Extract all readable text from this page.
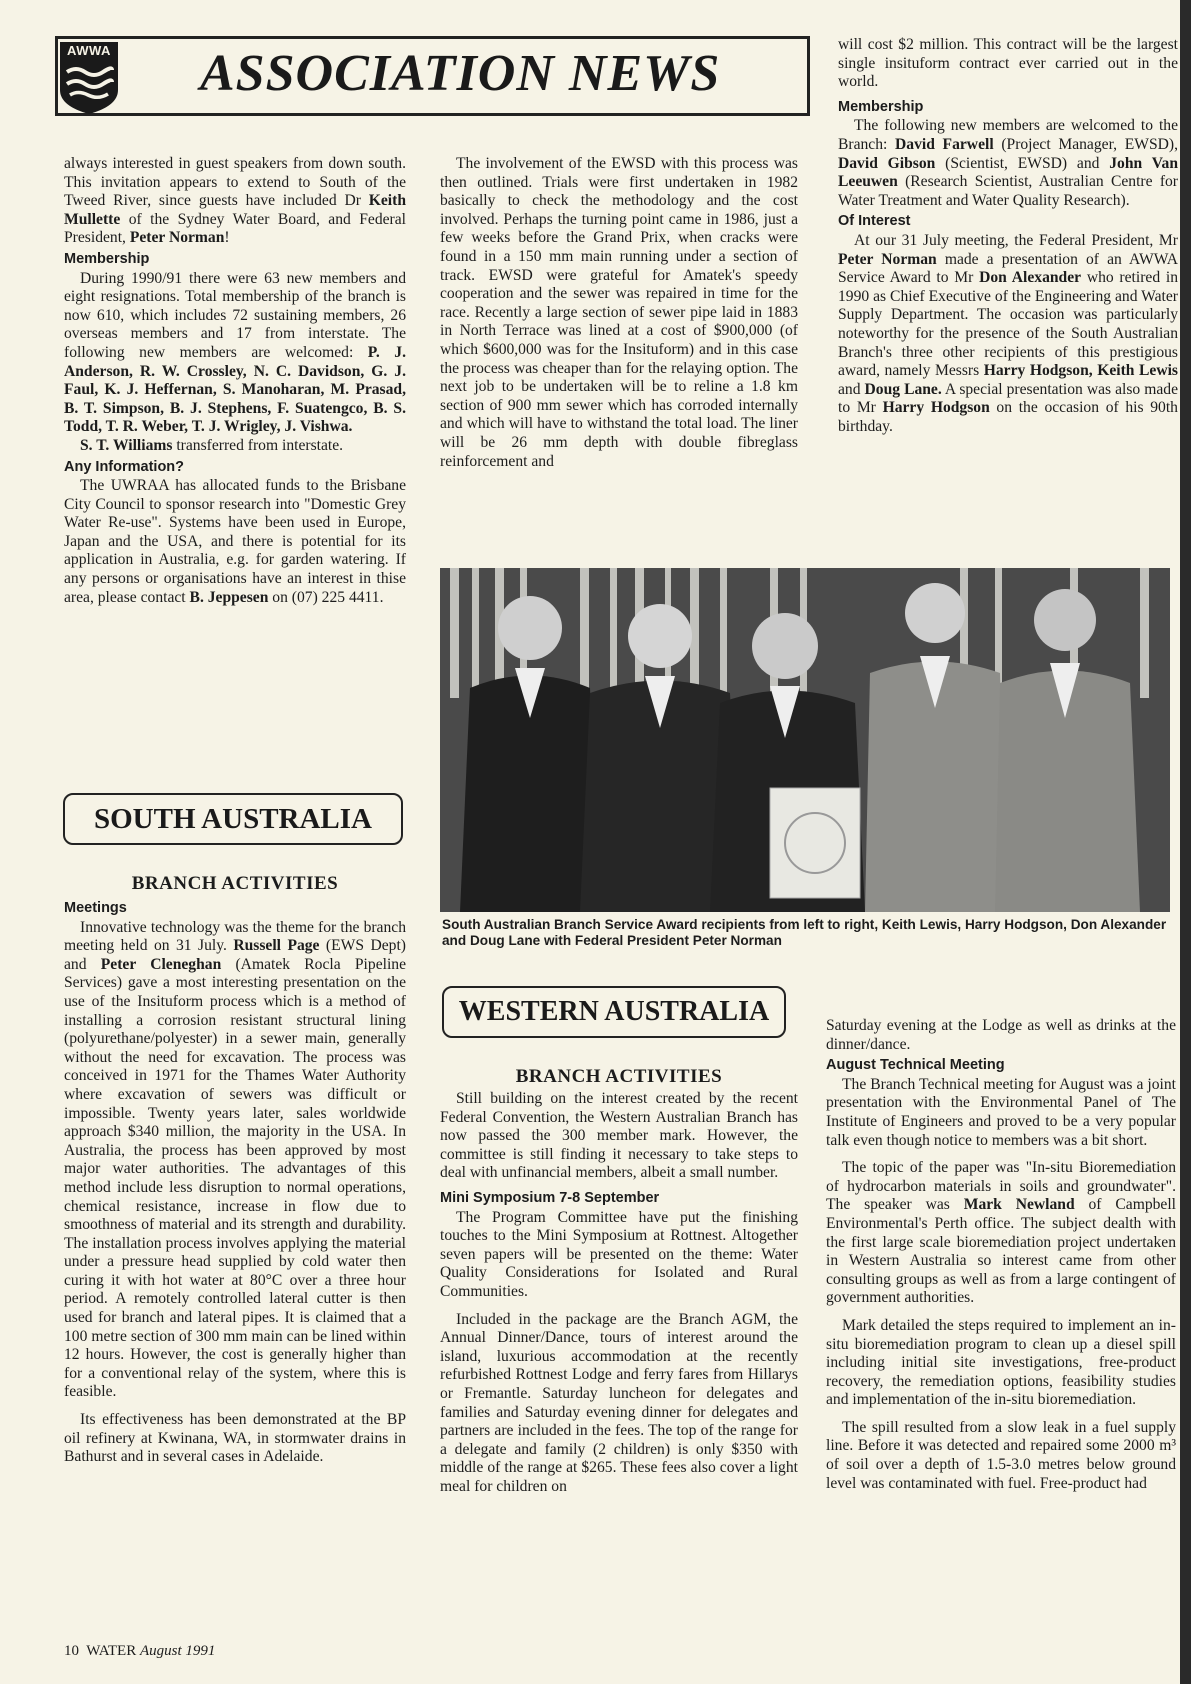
AWWA ASSOCIATION NEWS

always interested in guest speakers from down south. This invitation appears to extend to South of the Tweed River, since guests have included Dr Keith Mullette of the Sydney Water Board, and Federal President, Peter Norman!

Membership

During 1990/91 there were 63 new members and eight resignations. Total membership of the branch is now 610, which includes 72 sustaining members, 26 overseas members and 17 from interstate. The following new members are welcomed: P. J. Anderson, R. W. Crossley, N. C. Davidson, G. J. Faul, K. J. Heffernan, S. Manoharan, M. Prasad, B. T. Simpson, B. J. Stephens, F. Suatengco, B. S. Todd, T. R. Weber, T. J. Wrigley, J. Vishwa.

S. T. Williams transferred from interstate.

Any Information?

The UWRAA has allocated funds to the Brisbane City Council to sponsor research into "Domestic Grey Water Re-use". Systems have been used in Europe, Japan and the USA, and there is potential for its application in Australia, e.g. for garden watering. If any persons or organisations have an interest in thise area, please contact B. Jeppesen on (07) 225 4411.

SOUTH AUSTRALIA
BRANCH ACTIVITIES
Meetings

Innovative technology was the theme for the branch meeting held on 31 July. Russell Page (EWS Dept) and Peter Cleneghan (Amatek Rocla Pipeline Services) gave a most interesting presentation on the use of the Insituform process which is a method of installing a corrosion resistant structural lining (polyurethane/polyester) in a sewer main, generally without the need for excavation. The process was conceived in 1971 for the Thames Water Authority where excavation of sewers was difficult or impossible. Twenty years later, sales worldwide approach $340 million, the majority in the USA. In Australia, the process has been approved by most major water authorities. The advantages of this method include less disruption to normal operations, chemical resistance, increase in flow due to smoothness of material and its strength and durability. The installation process involves applying the material under a pressure head supplied by cold water then curing it with hot water at 80°C over a three hour period. A remotely controlled lateral cutter is then used for branch and lateral pipes. It is claimed that a 100 metre section of 300 mm main can be lined within 12 hours. However, the cost is generally higher than for a conventional relay of the system, where this is feasible.

Its effectiveness has been demonstrated at the BP oil refinery at Kwinana, WA, in stormwater drains in Bathurst and in several cases in Adelaide.

The involvement of the EWSD with this process was then outlined. Trials were first undertaken in 1982 basically to check the methodology and the cost involved. Perhaps the turning point came in 1986, just a few weeks before the Grand Prix, when cracks were found in a 150 mm main running under a section of track. EWSD were grateful for Amatek's speedy cooperation and the sewer was repaired in time for the race. Recently a large section of sewer pipe laid in 1883 in North Terrace was lined at a cost of $900,000 (of which $600,000 was for the Insituform) and in this case the process was cheaper than for the relaying option. The next job to be undertaken will be to reline a 1.8 km section of 900 mm sewer which has corroded internally and which will have to withstand the total load. The liner will be 26 mm depth with double fibreglass reinforcement and

will cost $2 million. This contract will be the largest single insituform contract ever carried out in the world.

Membership

The following new members are welcomed to the Branch: David Farwell (Project Manager, EWSD), David Gibson (Scientist, EWSD) and John Van Leeuwen (Research Scientist, Australian Centre for Water Treatment and Water Quality Research).

Of Interest

At our 31 July meeting, the Federal President, Mr Peter Norman made a presentation of an AWWA Service Award to Mr Don Alexander who retired in 1990 as Chief Executive of the Engineering and Water Supply Department. The occasion was particularly noteworthy for the presence of the South Australian Branch's three other recipients of this prestigious award, namely Messrs Harry Hodgson, Keith Lewis and Doug Lane. A special presentation was also made to Mr Harry Hodgson on the occasion of his 90th birthday.

South Australian Branch Service Award recipients from left to right, Keith Lewis, Harry Hodgson, Don Alexander and Doug Lane with Federal President Peter Norman
WESTERN AUSTRALIA
BRANCH ACTIVITIES

Still building on the interest created by the recent Federal Convention, the Western Australian Branch has now passed the 300 member mark. However, the committee is still finding it necessary to take steps to deal with unfinancial members, albeit a small number.

Mini Symposium 7-8 September

The Program Committee have put the finishing touches to the Mini Symposium at Rottnest. Altogether seven papers will be presented on the theme: Water Quality Considerations for Isolated and Rural Communities.

Included in the package are the Branch AGM, the Annual Dinner/Dance, tours of interest around the island, luxurious accommodation at the recently refurbished Rottnest Lodge and ferry fares from Hillarys or Fremantle. Saturday luncheon for delegates and families and Saturday evening dinner for delegates and partners are included in the fees. The top of the range for a delegate and family (2 children) is only $350 with middle of the range at $265. These fees also cover a light meal for children on

Saturday evening at the Lodge as well as drinks at the dinner/dance.

August Technical Meeting

The Branch Technical meeting for August was a joint presentation with the Environmental Panel of The Institute of Engineers and proved to be a very popular talk even though notice to members was a bit short.

The topic of the paper was "In-situ Bioremediation of hydrocarbon materials in soils and groundwater". The speaker was Mark Newland of Campbell Environmental's Perth office. The subject dealth with the first large scale bioremediation project undertaken in Western Australia so interest came from other consulting groups as well as from a large contingent of government authorities.

Mark detailed the steps required to implement an in-situ bioremediation program to clean up a diesel spill including initial site investigations, free-product recovery, the remediation options, feasibility studies and implementation of the in-situ bioremediation.

The spill resulted from a slow leak in a fuel supply line. Before it was detected and repaired some 2000 m³ of soil over a depth of 1.5-3.0 metres below ground level was contaminated with fuel. Free-product had

10 WATER August 1991
